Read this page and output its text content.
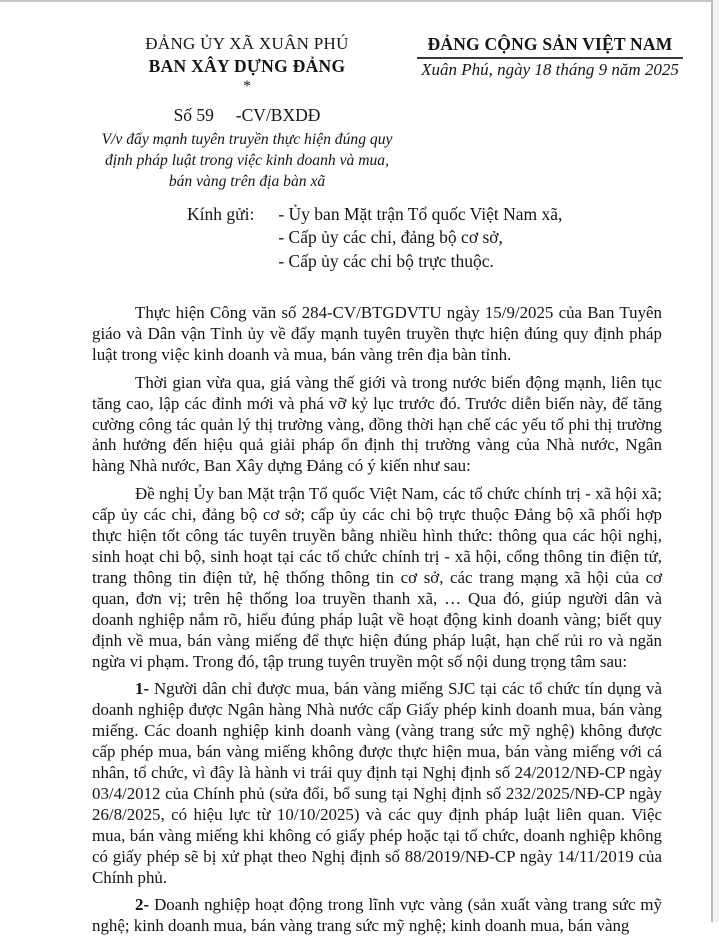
ĐẢNG ỦY XÃ XUÂN PHÚ
BAN XÂY DỰNG ĐẢNG
*
Số 59     -CV/BXDĐ
V/v đẩy mạnh tuyên truyền thực hiện đúng quy định pháp luật trong việc kinh doanh và mua, bán vàng trên địa bàn xã
ĐẢNG CỘNG SẢN VIỆT NAM
Xuân Phú, ngày 18 tháng 9 năm 2025
Kính gửi: - Ủy ban Mặt trận Tổ quốc Việt Nam xã,
- Cấp ủy các chi, đảng bộ cơ sở,
- Cấp ủy các chi bộ trực thuộc.

Thực hiện Công văn số 284-CV/BTGDVTU ngày 15/9/2025 của Ban Tuyên giáo và Dân vận Tỉnh ủy về đẩy mạnh tuyên truyền thực hiện đúng quy định pháp luật trong việc kinh doanh và mua, bán vàng trên địa bàn tỉnh.

Thời gian vừa qua, giá vàng thế giới và trong nước biến động mạnh, liên tục tăng cao, lập các đỉnh mới và phá vỡ kỷ lục trước đó. Trước diễn biến này, để tăng cường công tác quản lý thị trường vàng, đồng thời hạn chế các yếu tố phi thị trường ảnh hưởng đến hiệu quả giải pháp ổn định thị trường vàng của Nhà nước, Ngân hàng Nhà nước, Ban Xây dựng Đảng có ý kiến như sau:

Đề nghị Ủy ban Mặt trận Tổ quốc Việt Nam, các tổ chức chính trị - xã hội xã; cấp ủy các chi, đảng bộ cơ sở; cấp ủy các chi bộ trực thuộc Đảng bộ xã phối hợp thực hiện tốt công tác tuyên truyền bằng nhiều hình thức: thông qua các hội nghị, sinh hoạt chi bộ, sinh hoạt tại các tổ chức chính trị - xã hội, cổng thông tin điện tử, trang thông tin điện tử, hệ thống thông tin cơ sở, các trang mạng xã hội của cơ quan, đơn vị; trên hệ thống loa truyền thanh xã, … Qua đó, giúp người dân và doanh nghiệp nắm rõ, hiểu đúng pháp luật về hoạt động kinh doanh vàng; biết quy định về mua, bán vàng miếng để thực hiện đúng pháp luật, hạn chế rủi ro và ngăn ngừa vi phạm. Trong đó, tập trung tuyên truyền một số nội dung trọng tâm sau:

1- Người dân chỉ được mua, bán vàng miếng SJC tại các tổ chức tín dụng và doanh nghiệp được Ngân hàng Nhà nước cấp Giấy phép kinh doanh mua, bán vàng miếng. Các doanh nghiệp kinh doanh vàng (vàng trang sức mỹ nghệ) không được cấp phép mua, bán vàng miếng không được thực hiện mua, bán vàng miếng với cá nhân, tổ chức, vì đây là hành vi trái quy định tại Nghị định số 24/2012/NĐ-CP ngày 03/4/2012 của Chính phủ (sửa đổi, bổ sung tại Nghị định số 232/2025/NĐ-CP ngày 26/8/2025, có hiệu lực từ 10/10/2025) và các quy định pháp luật liên quan. Việc mua, bán vàng miếng khi không có giấy phép hoặc tại tổ chức, doanh nghiệp không có giấy phép sẽ bị xử phạt theo Nghị định số 88/2019/NĐ-CP ngày 14/11/2019 của Chính phủ.

2- Doanh nghiệp hoạt động trong lĩnh vực vàng (sản xuất vàng trang sức mỹ nghệ; kinh doanh mua, bán vàng trang sức mỹ nghệ; kinh doanh mua, bán vàng
